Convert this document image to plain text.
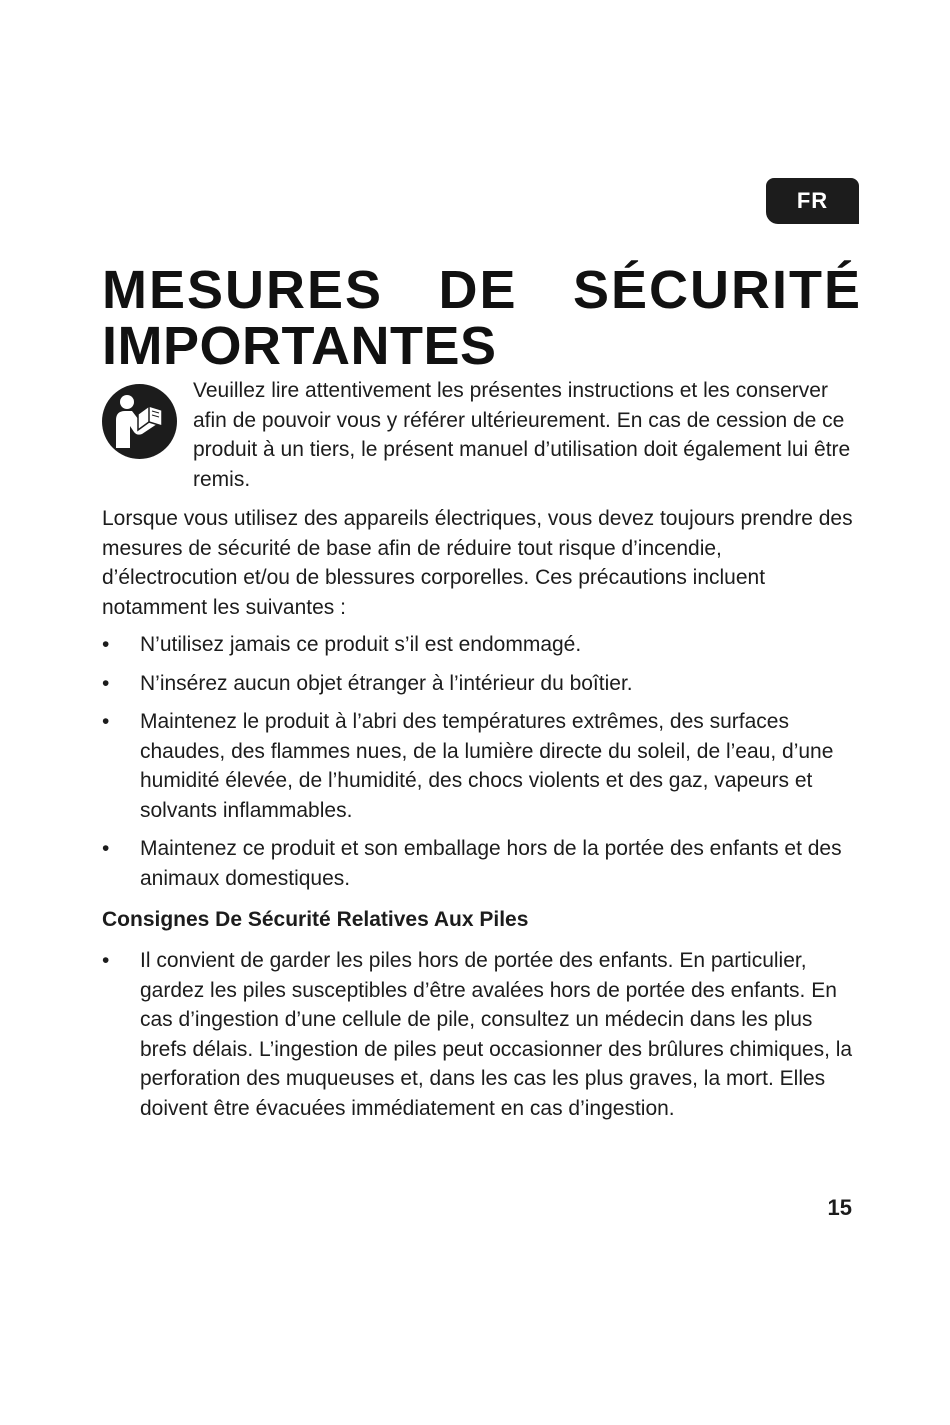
FR
MESURES DE SÉCURITÉ
IMPORTANTES

Veuillez lire attentivement les présentes instructions et les conserver afin de pouvoir vous y référer ultérieurement. En cas de cession de ce produit à un tiers, le présent manuel d’utilisation doit également lui être remis.

Lorsque vous utilisez des appareils électriques, vous devez toujours prendre des mesures de sécurité de base afin de réduire tout risque d’incendie, d’électrocution et/ou de blessures corporelles. Ces précautions incluent notamment les suivantes :

•	N’utilisez jamais ce produit s’il est endommagé.
•	N’insérez aucun objet étranger à l’intérieur du boîtier.
•	Maintenez le produit à l’abri des températures extrêmes, des surfaces chaudes, des flammes nues, de la lumière directe du soleil, de l’eau, d’une humidité élevée, de l’humidité, des chocs violents et des gaz, vapeurs et solvants inflammables.
•	Maintenez ce produit et son emballage hors de la portée des enfants et des animaux domestiques.
Consignes De Sécurité Relatives Aux Piles
•	Il convient de garder les piles hors de portée des enfants. En particulier, gardez les piles susceptibles d’être avalées hors de portée des enfants. En cas d’ingestion d’une cellule de pile, consultez un médecin dans les plus brefs délais. L’ingestion de piles peut occasionner des brûlures chimiques, la perforation des muqueuses et, dans les cas les plus graves, la mort. Elles doivent être évacuées immédiatement en cas d’ingestion.
15
